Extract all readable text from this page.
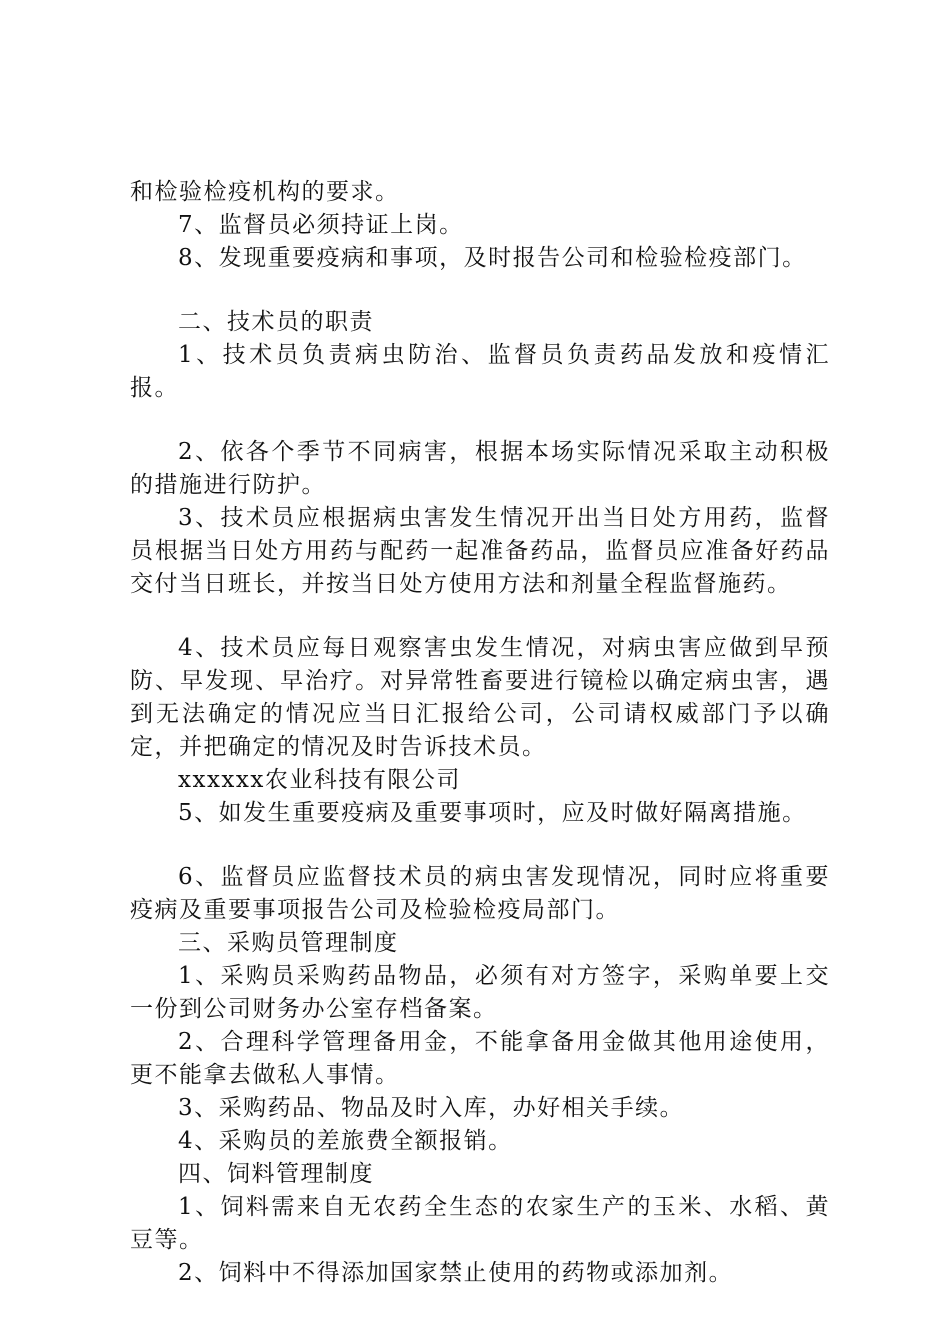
和检验检疫机构的要求。

7、监督员必须持证上岗。

8、发现重要疫病和事项，及时报告公司和检验检疫部门。

二、技术员的职责

1、技术员负责病虫防治、监督员负责药品发放和疫情汇报。

2、依各个季节不同病害，根据本场实际情况采取主动积极的措施进行防护。

3、技术员应根据病虫害发生情况开出当日处方用药，监督员根据当日处方用药与配药一起准备药品，监督员应准备好药品交付当日班长，并按当日处方使用方法和剂量全程监督施药。

4、技术员应每日观察害虫发生情况，对病虫害应做到早预防、早发现、早治疗。对异常牲畜要进行镜检以确定病虫害，遇到无法确定的情况应当日汇报给公司，公司请权威部门予以确定，并把确定的情况及时告诉技术员。

xxxxxx农业科技有限公司

5、如发生重要疫病及重要事项时，应及时做好隔离措施。

6、监督员应监督技术员的病虫害发现情况，同时应将重要疫病及重要事项报告公司及检验检疫局部门。

三、采购员管理制度

1、采购员采购药品物品，必须有对方签字，采购单要上交一份到公司财务办公室存档备案。

2、合理科学管理备用金，不能拿备用金做其他用途使用，更不能拿去做私人事情。

3、采购药品、物品及时入库，办好相关手续。

4、采购员的差旅费全额报销。

四、饲料管理制度

1、饲料需来自无农药全生态的农家生产的玉米、水稻、黄豆等。

2、饲料中不得添加国家禁止使用的药物或添加剂。
